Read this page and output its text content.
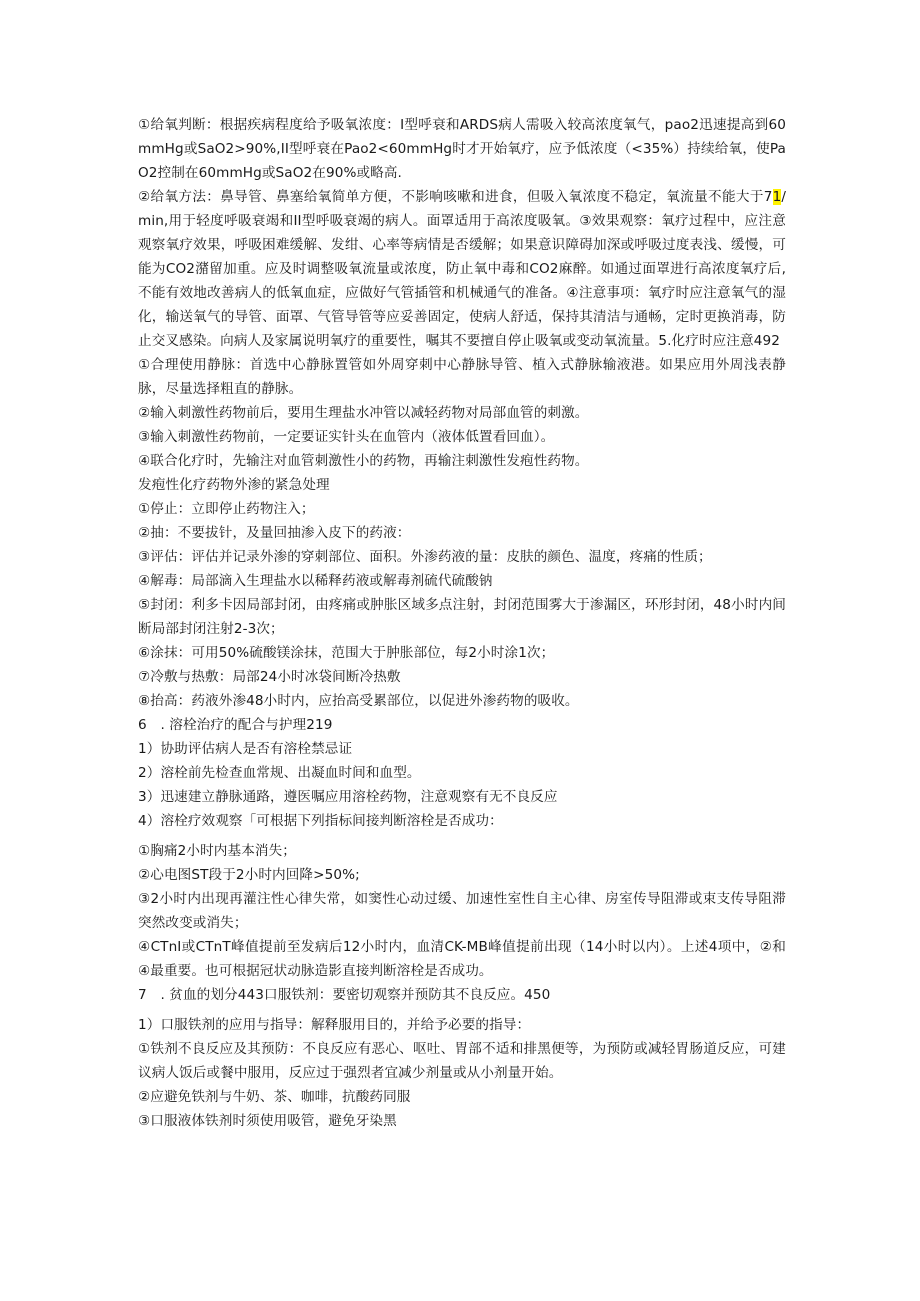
①给氧判断：根据疾病程度给予吸氧浓度：I型呼衰和ARDS病人需吸入较高浓度氧气，pao2迅速提高到60mmHg或SaO2>90%,II型呼衰在Pao2<60mmHg时才开始氧疗，应予低浓度（<35%）持续给氧，使PaO2控制在60mmHg或SaO2在90%或略高.

②给氧方法：鼻导管、鼻塞给氧简单方便，不影响咳嗽和进食，但吸入氧浓度不稳定，氧流量不能大于71/min,用于轻度呼吸衰竭和II型呼吸衰竭的病人。面罩适用于高浓度吸氧。③效果观察：氧疗过程中，应注意观察氧疗效果，呼吸困难缓解、发绀、心率等病情是否缓解；如果意识障碍加深或呼吸过度表浅、缓慢，可能为CO2潴留加重。应及时调整吸氧流量或浓度，防止氧中毒和CO2麻醉。如通过面罩进行高浓度氧疗后,不能有效地改善病人的低氧血症，应做好气管插管和机械通气的准备。④注意事项：氧疗时应注意氧气的湿化，输送氧气的导管、面罩、气管导管等应妥善固定，使病人舒适，保持其清洁与通畅，定时更换消毒，防止交叉感染。向病人及家属说明氧疗的重要性，嘱其不要擅自停止吸氧或变动氧流量。5.化疗时应注意492

①合理使用静脉：首选中心静脉置管如外周穿刺中心静脉导管、植入式静脉输液港。如果应用外周浅表静脉，尽量选择粗直的静脉。

②输入刺激性药物前后，要用生理盐水冲管以减轻药物对局部血管的刺激。

③输入刺激性药物前，一定要证实针头在血管内（液体低置看回血）。

④联合化疗时，先输注对血管刺激性小的药物，再输注刺激性发疱性药物。

发疱性化疗药物外渗的紧急处理

①停止：立即停止药物注入；

②抽：不要拔针，及量回抽渗入皮下的药液：

③评估：评估并记录外渗的穿刺部位、面积。外渗药液的量：皮肤的颜色、温度，疼痛的性质；

④解毒：局部滴入生理盐水以稀释药液或解毒剂硫代硫酸钠

⑤封闭：利多卡因局部封闭，由疼痛或肿胀区域多点注射，封闭范围雾大于渗漏区，环形封闭，48小时内间断局部封闭注射2-3次；

⑥涂抹：可用50%硫酸镁涂抹，范围大于肿胀部位，每2小时涂1次；

⑦冷敷与热敷：局部24小时冰袋间断冷热敷

⑧抬高：药液外渗48小时内，应抬高受累部位，以促进外渗药物的吸收。

6　. 溶栓治疗的配合与护理219

1）协助评估病人是否有溶栓禁忌证

2）溶栓前先检查血常规、出凝血时间和血型。

3）迅速建立静脉通路，遵医嘱应用溶栓药物，注意观察有无不良反应

4）溶栓疗效观察「可根据下列指标间接判断溶栓是否成功：

①胸痛2小时内基本消失；

②心电图ST段于2小时内回降>50%;

③2小时内出现再灌注性心律失常，如窦性心动过缓、加速性室性自主心律、房室传导阻滞或束支传导阻滞突然改变或消失；

④CTnI或CTnT峰值提前至发病后12小时内，血清CK-MB峰值提前出现（14小时以内）。上述4项中，②和④最重要。也可根据冠状动脉造影直接判断溶栓是否成功。

7　. 贫血的划分443口服铁剂：要密切观察并预防其不良反应。450

1）口服铁剂的应用与指导：解释服用目的，并给予必要的指导：

①铁剂不良反应及其预防：不良反应有恶心、呕吐、胃部不适和排黑便等，为预防或减轻胃肠道反应，可建议病人饭后或餐中服用，反应过于强烈者宜减少剂量或从小剂量开始。

②应避免铁剂与牛奶、茶、咖啡，抗酸药同服

③口服液体铁剂时须使用吸管，避免牙染黑
